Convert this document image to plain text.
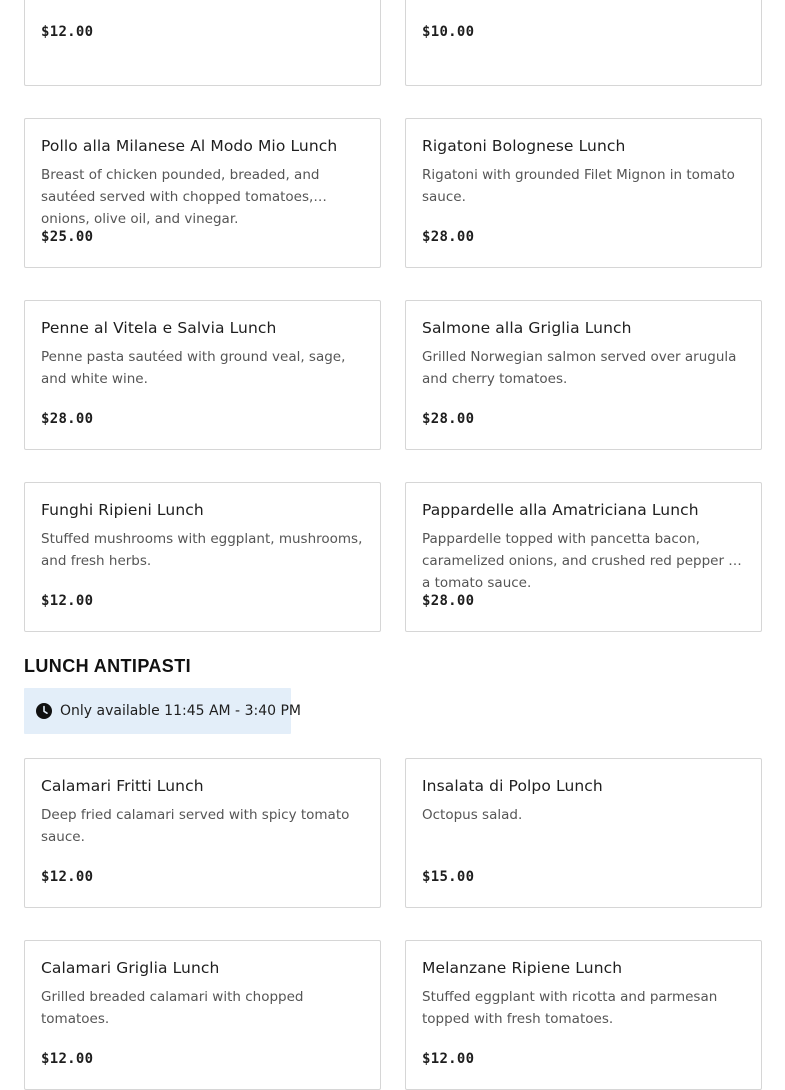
$12.00	$10.00
Pollo alla Milanese Al Modo Mio Lunch
Breast of chicken pounded, breaded, and sautéed served with chopped tomatoes, onions, olive oil, and vinegar.
$25.00
Rigatoni Bolognese Lunch
Rigatoni with grounded Filet Mignon in tomato sauce.
$28.00
Penne al Vitela e Salvia Lunch
Penne pasta sautéed with ground veal, sage, and white wine.
$28.00
Salmone alla Griglia Lunch
Grilled Norwegian salmon served over arugula and cherry tomatoes.
$28.00
Funghi Ripieni Lunch
Stuffed mushrooms with eggplant, mushrooms, and fresh herbs.
$12.00
Pappardelle alla Amatriciana Lunch
Pappardelle topped with pancetta bacon, caramelized onions, and crushed red pepper in a tomato sauce.
$28.00
LUNCH ANTIPASTI
Only available 11:45 AM - 3:40 PM
Calamari Fritti Lunch
Deep fried calamari served with spicy tomato sauce.
$12.00
Insalata di Polpo Lunch
Octopus salad.
$15.00
Calamari Griglia Lunch
Grilled breaded calamari with chopped tomatoes.
$12.00
Melanzane Ripiene Lunch
Stuffed eggplant with ricotta and parmesan topped with fresh tomatoes.
$12.00
